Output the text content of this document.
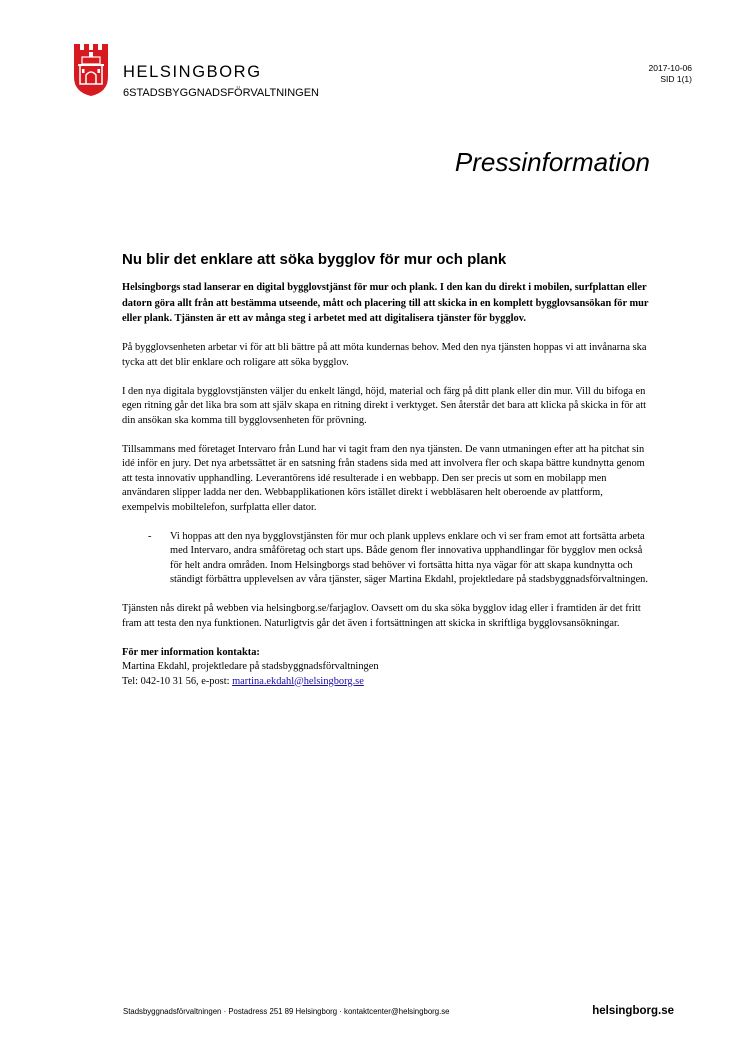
HELSINGBORG
6STADSBYGGNADSFÖRVALTNINGEN
2017-10-06
SID 1(1)
Pressinformation
Nu blir det enklare att söka bygglov för mur och plank

Helsingborgs stad lanserar en digital bygglovstjänst för mur och plank. I den kan du direkt i mobilen, surfplattan eller datorn göra allt från att bestämma utseende, mått och placering till att skicka in en komplett bygglovsansökan för mur eller plank. Tjänsten är ett av många steg i arbetet med att digitalisera tjänster för bygglov.

På bygglovsenheten arbetar vi för att bli bättre på att möta kundernas behov. Med den nya tjänsten hoppas vi att invånarna ska tycka att det blir enklare och roligare att söka bygglov.

I den nya digitala bygglovstjänsten väljer du enkelt längd, höjd, material och färg på ditt plank eller din mur. Vill du bifoga en egen ritning går det lika bra som att själv skapa en ritning direkt i verktyget. Sen återstår det bara att klicka på skicka in för att din ansökan ska komma till bygglovsenheten för prövning.

Tillsammans med företaget Intervaro från Lund har vi tagit fram den nya tjänsten. De vann utmaningen efter att ha pitchat sin idé inför en jury. Det nya arbetssättet är en satsning från stadens sida med att involvera fler och skapa bättre kundnytta genom att testa innovativ upphandling. Leverantörens idé resulterade i en webbapp. Den ser precis ut som en mobilapp men användaren slipper ladda ner den. Webbapplikationen körs istället direkt i webbläsaren helt oberoende av plattform, exempelvis mobiltelefon, surfplatta eller dator.

- Vi hoppas att den nya bygglovstjänsten för mur och plank upplevs enklare och vi ser fram emot att fortsätta arbeta med Intervaro, andra småföretag och start ups. Både genom fler innovativa upphandlingar för bygglov men också för helt andra områden. Inom Helsingborgs stad behöver vi fortsätta hitta nya vägar för att skapa kundnytta och ständigt förbättra upplevelsen av våra tjänster, säger Martina Ekdahl, projektledare på stadsbyggnadsförvaltningen.

Tjänsten nås direkt på webben via helsingborg.se/farjaglov. Oavsett om du ska söka bygglov idag eller i framtiden är det fritt fram att testa den nya funktionen. Naturligtvis går det även i fortsättningen att skicka in skriftliga bygglovsansökningar.

För mer information kontakta:
Martina Ekdahl, projektledare på stadsbyggnadsförvaltningen
Tel: 042-10 31 56, e-post: martina.ekdahl@helsingborg.se
Stadsbyggnadsförvaltningen · Postadress 251 89 Helsingborg · kontaktcenter@helsingborg.se	helsingborg.se
